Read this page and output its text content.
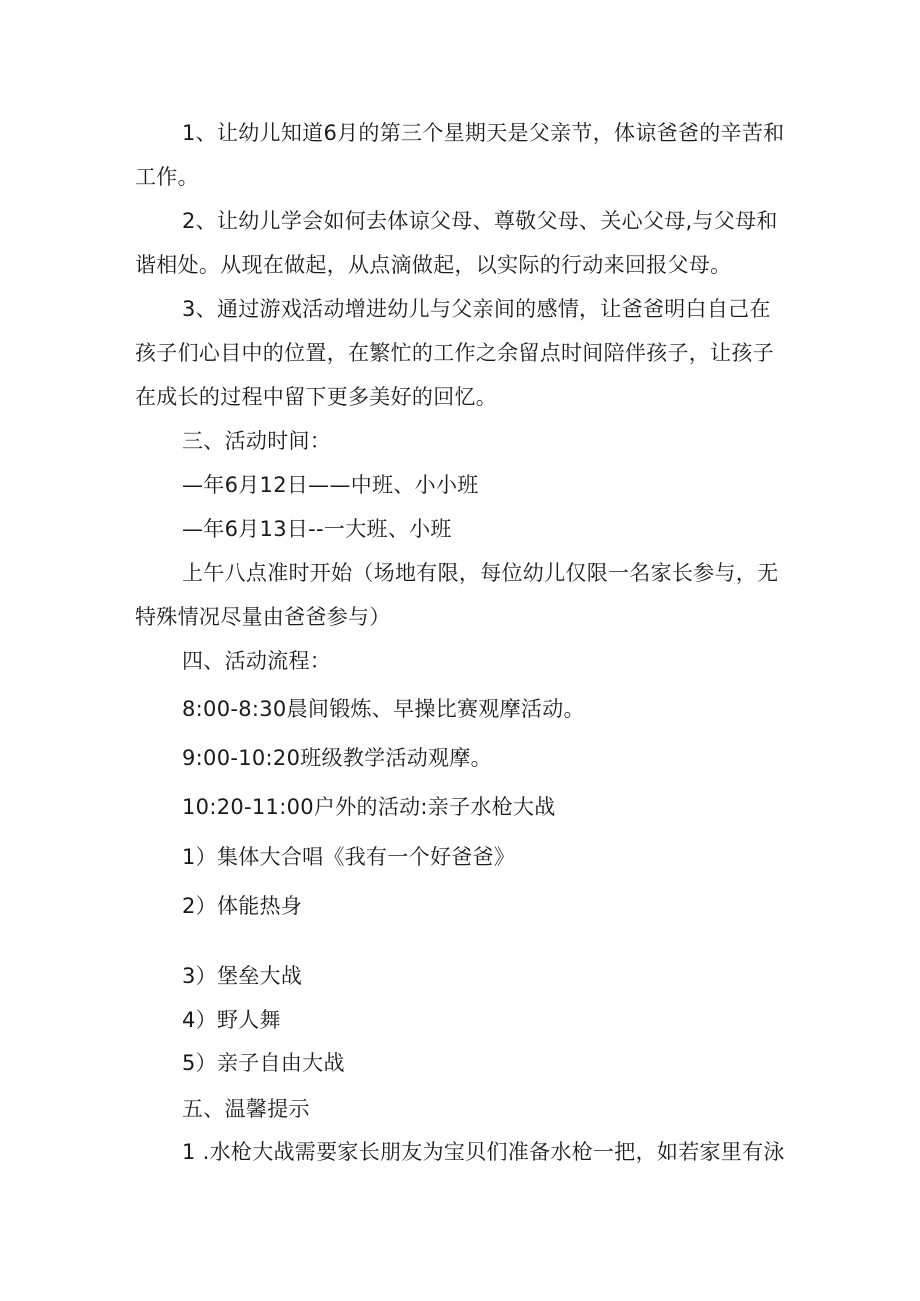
1、让幼儿知道6月的第三个星期天是父亲节，体谅爸爸的辛苦和
工作。
2、让幼儿学会如何去体谅父母、尊敬父母、关心父母,与父母和
谐相处。从现在做起，从点滴做起，以实际的行动来回报父母。
3、通过游戏活动增进幼儿与父亲间的感情，让爸爸明白自己在
孩子们心目中的位置，在繁忙的工作之余留点时间陪伴孩子，让孩子
在成长的过程中留下更多美好的回忆。
三、活动时间：
—年6月12日——中班、小小班
—年6月13日--一大班、小班
上午八点准时开始（场地有限，每位幼儿仅限一名家长参与，无
特殊情况尽量由爸爸参与）
四、活动流程：
8:00-8:30晨间锻炼、早操比赛观摩活动。
9:00-10:20班级教学活动观摩。
10:20-11:00户外的活动:亲子水枪大战
1）集体大合唱《我有一个好爸爸》
2）体能热身
3）堡垒大战
4）野人舞
5）亲子自由大战
五、温馨提示
1 .水枪大战需要家长朋友为宝贝们准备水枪一把，如若家里有泳
